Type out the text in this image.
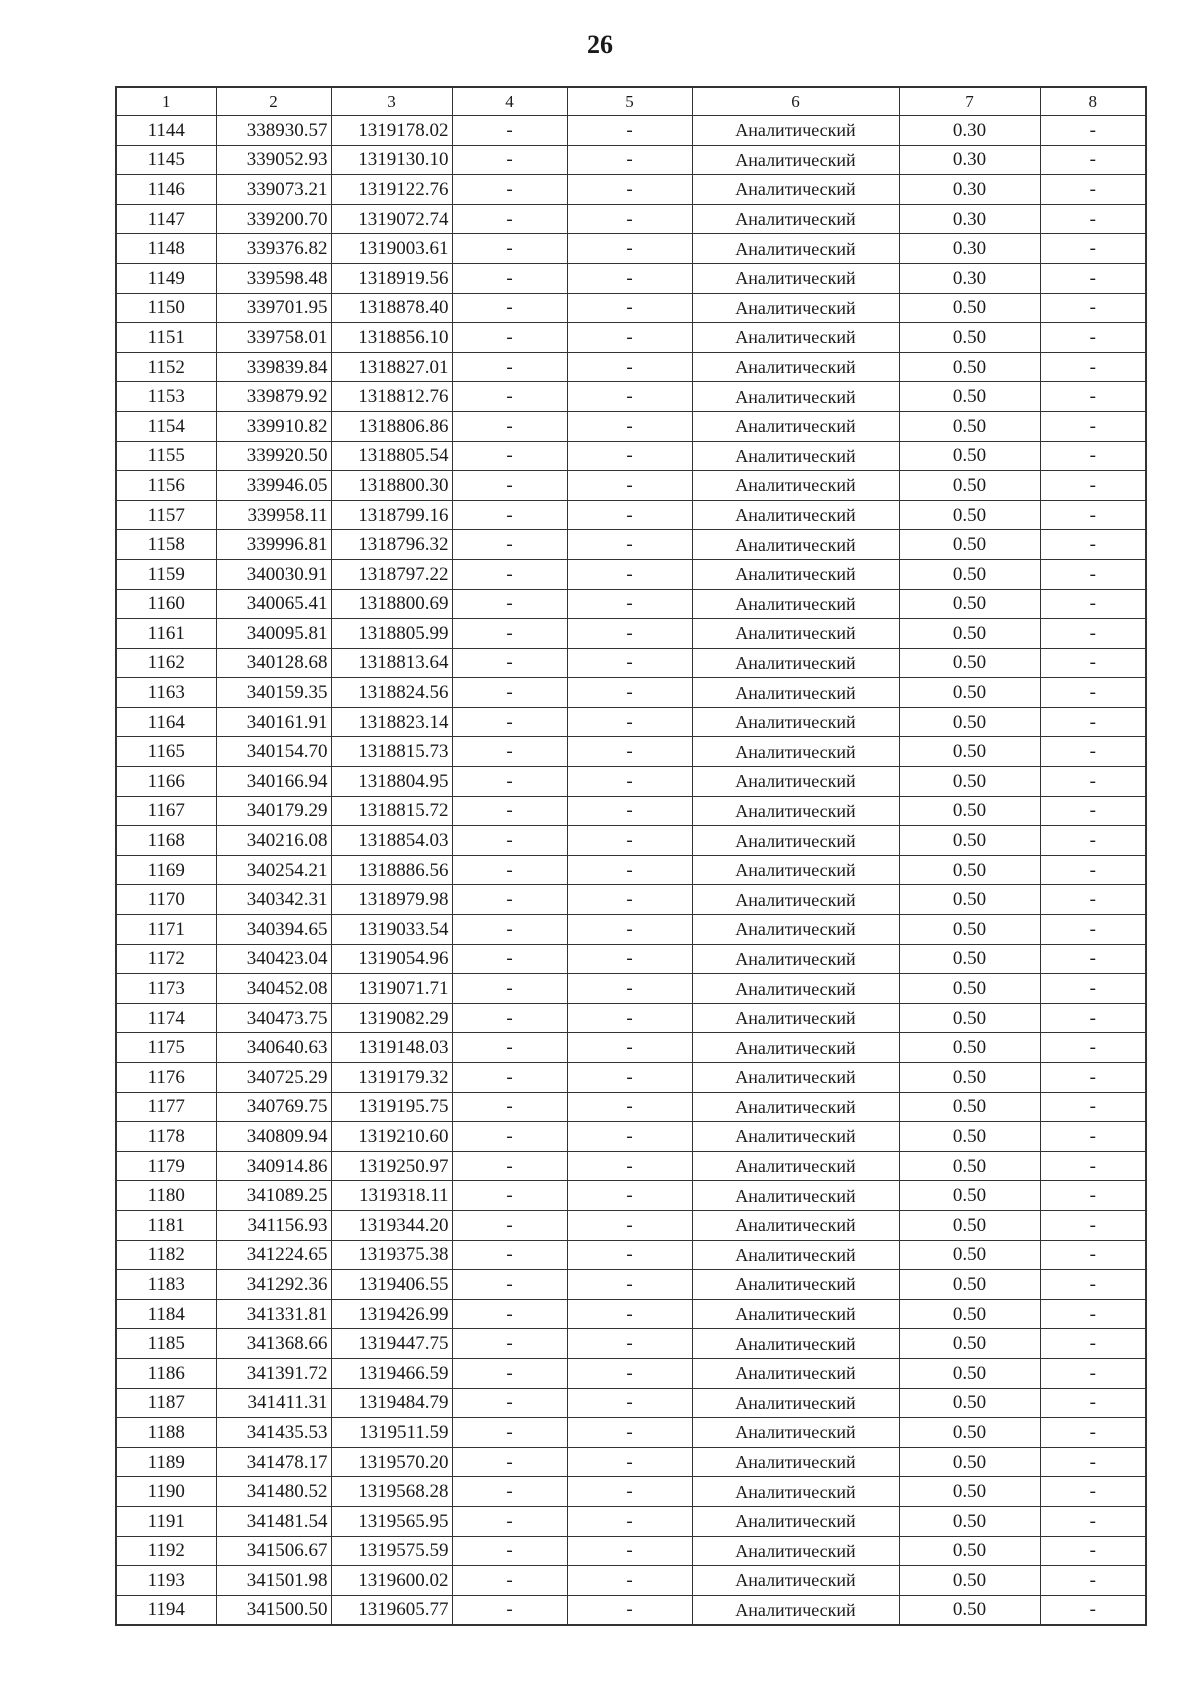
26
1	2	3	4	5	6	7	8
1144	338930.57	1319178.02	-	-	Аналитический	0.30	-
1145	339052.93	1319130.10	-	-	Аналитический	0.30	-
1146	339073.21	1319122.76	-	-	Аналитический	0.30	-
1147	339200.70	1319072.74	-	-	Аналитический	0.30	-
1148	339376.82	1319003.61	-	-	Аналитический	0.30	-
1149	339598.48	1318919.56	-	-	Аналитический	0.30	-
1150	339701.95	1318878.40	-	-	Аналитический	0.50	-
1151	339758.01	1318856.10	-	-	Аналитический	0.50	-
1152	339839.84	1318827.01	-	-	Аналитический	0.50	-
1153	339879.92	1318812.76	-	-	Аналитический	0.50	-
1154	339910.82	1318806.86	-	-	Аналитический	0.50	-
1155	339920.50	1318805.54	-	-	Аналитический	0.50	-
1156	339946.05	1318800.30	-	-	Аналитический	0.50	-
1157	339958.11	1318799.16	-	-	Аналитический	0.50	-
1158	339996.81	1318796.32	-	-	Аналитический	0.50	-
1159	340030.91	1318797.22	-	-	Аналитический	0.50	-
1160	340065.41	1318800.69	-	-	Аналитический	0.50	-
1161	340095.81	1318805.99	-	-	Аналитический	0.50	-
1162	340128.68	1318813.64	-	-	Аналитический	0.50	-
1163	340159.35	1318824.56	-	-	Аналитический	0.50	-
1164	340161.91	1318823.14	-	-	Аналитический	0.50	-
1165	340154.70	1318815.73	-	-	Аналитический	0.50	-
1166	340166.94	1318804.95	-	-	Аналитический	0.50	-
1167	340179.29	1318815.72	-	-	Аналитический	0.50	-
1168	340216.08	1318854.03	-	-	Аналитический	0.50	-
1169	340254.21	1318886.56	-	-	Аналитический	0.50	-
1170	340342.31	1318979.98	-	-	Аналитический	0.50	-
1171	340394.65	1319033.54	-	-	Аналитический	0.50	-
1172	340423.04	1319054.96	-	-	Аналитический	0.50	-
1173	340452.08	1319071.71	-	-	Аналитический	0.50	-
1174	340473.75	1319082.29	-	-	Аналитический	0.50	-
1175	340640.63	1319148.03	-	-	Аналитический	0.50	-
1176	340725.29	1319179.32	-	-	Аналитический	0.50	-
1177	340769.75	1319195.75	-	-	Аналитический	0.50	-
1178	340809.94	1319210.60	-	-	Аналитический	0.50	-
1179	340914.86	1319250.97	-	-	Аналитический	0.50	-
1180	341089.25	1319318.11	-	-	Аналитический	0.50	-
1181	341156.93	1319344.20	-	-	Аналитический	0.50	-
1182	341224.65	1319375.38	-	-	Аналитический	0.50	-
1183	341292.36	1319406.55	-	-	Аналитический	0.50	-
1184	341331.81	1319426.99	-	-	Аналитический	0.50	-
1185	341368.66	1319447.75	-	-	Аналитический	0.50	-
1186	341391.72	1319466.59	-	-	Аналитический	0.50	-
1187	341411.31	1319484.79	-	-	Аналитический	0.50	-
1188	341435.53	1319511.59	-	-	Аналитический	0.50	-
1189	341478.17	1319570.20	-	-	Аналитический	0.50	-
1190	341480.52	1319568.28	-	-	Аналитический	0.50	-
1191	341481.54	1319565.95	-	-	Аналитический	0.50	-
1192	341506.67	1319575.59	-	-	Аналитический	0.50	-
1193	341501.98	1319600.02	-	-	Аналитический	0.50	-
1194	341500.50	1319605.77	-	-	Аналитический	0.50	-
